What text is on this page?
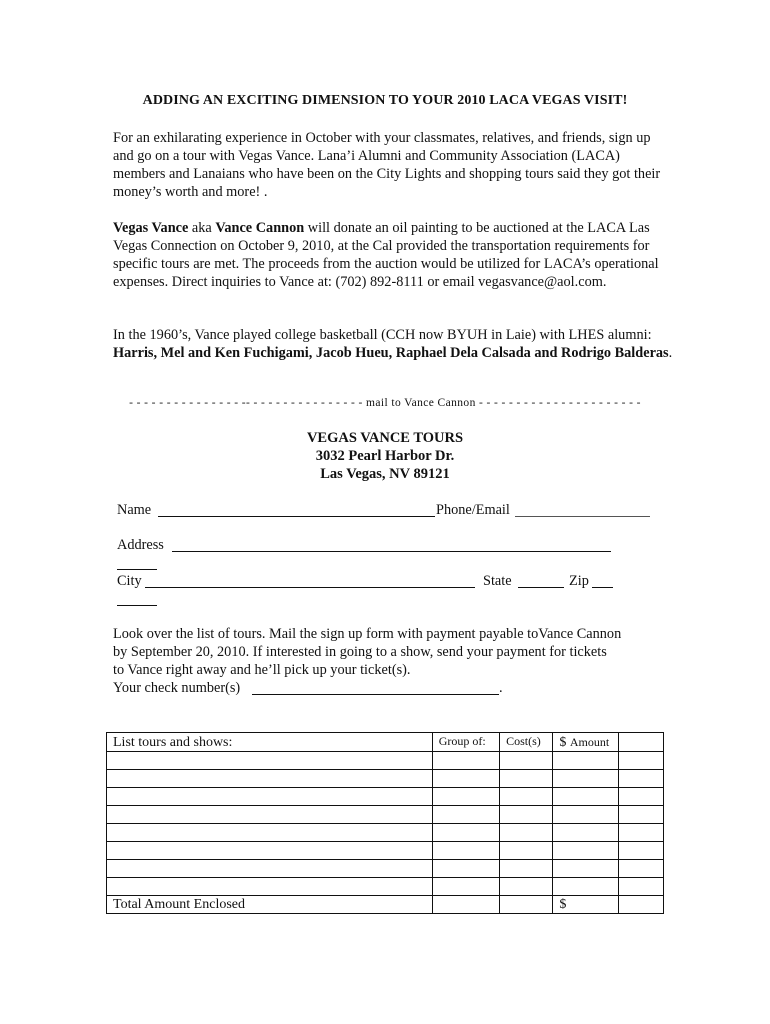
ADDING AN EXCITING DIMENSION TO YOUR 2010 LACA VEGAS VISIT!
For an exhilarating experience in October with your classmates, relatives, and friends, sign up and go on a tour with Vegas Vance. Lana’i Alumni and Community Association (LACA) members and Lanaians who have been on the City Lights and shopping tours said they got their money’s worth and more! .
Vegas Vance aka Vance Cannon will donate an oil painting to be auctioned at the LACA Las Vegas Connection on October 9, 2010, at the Cal provided the transportation requirements for specific tours are met. The proceeds from the auction would be utilized for LACA’s operational expenses. Direct inquiries to Vance at: (702) 892-8111 or email vegasvance@aol.com.
In the 1960’s, Vance played college basketball (CCH now BYUH in Laie) with LHES alumni: Harris, Mel and Ken Fuchigami, Jacob Hueu, Raphael Dela Calsada and Rodrigo Balderas.
- - - - - - - - - - - - - - - -- - - - - - - - - - - - - - - - mail to Vance Cannon - - - - - - - - - - - - - - - - - - - - - -
VEGAS VANCE TOURS
3032 Pearl Harbor Dr.
Las Vegas, NV 89121
Name	Phone/Email
Address
City	State	Zip
Look over the list of tours. Mail the sign up form with payment payable toVance Cannon
by September 20, 2010. If interested in going to a show, send your payment for tickets
to Vance right away and he’ll pick up your ticket(s).
Your check number(s)	.
List tours and shows:	Group of:	Cost(s)	$ Amount	

Total Amount Enclosed			$	
